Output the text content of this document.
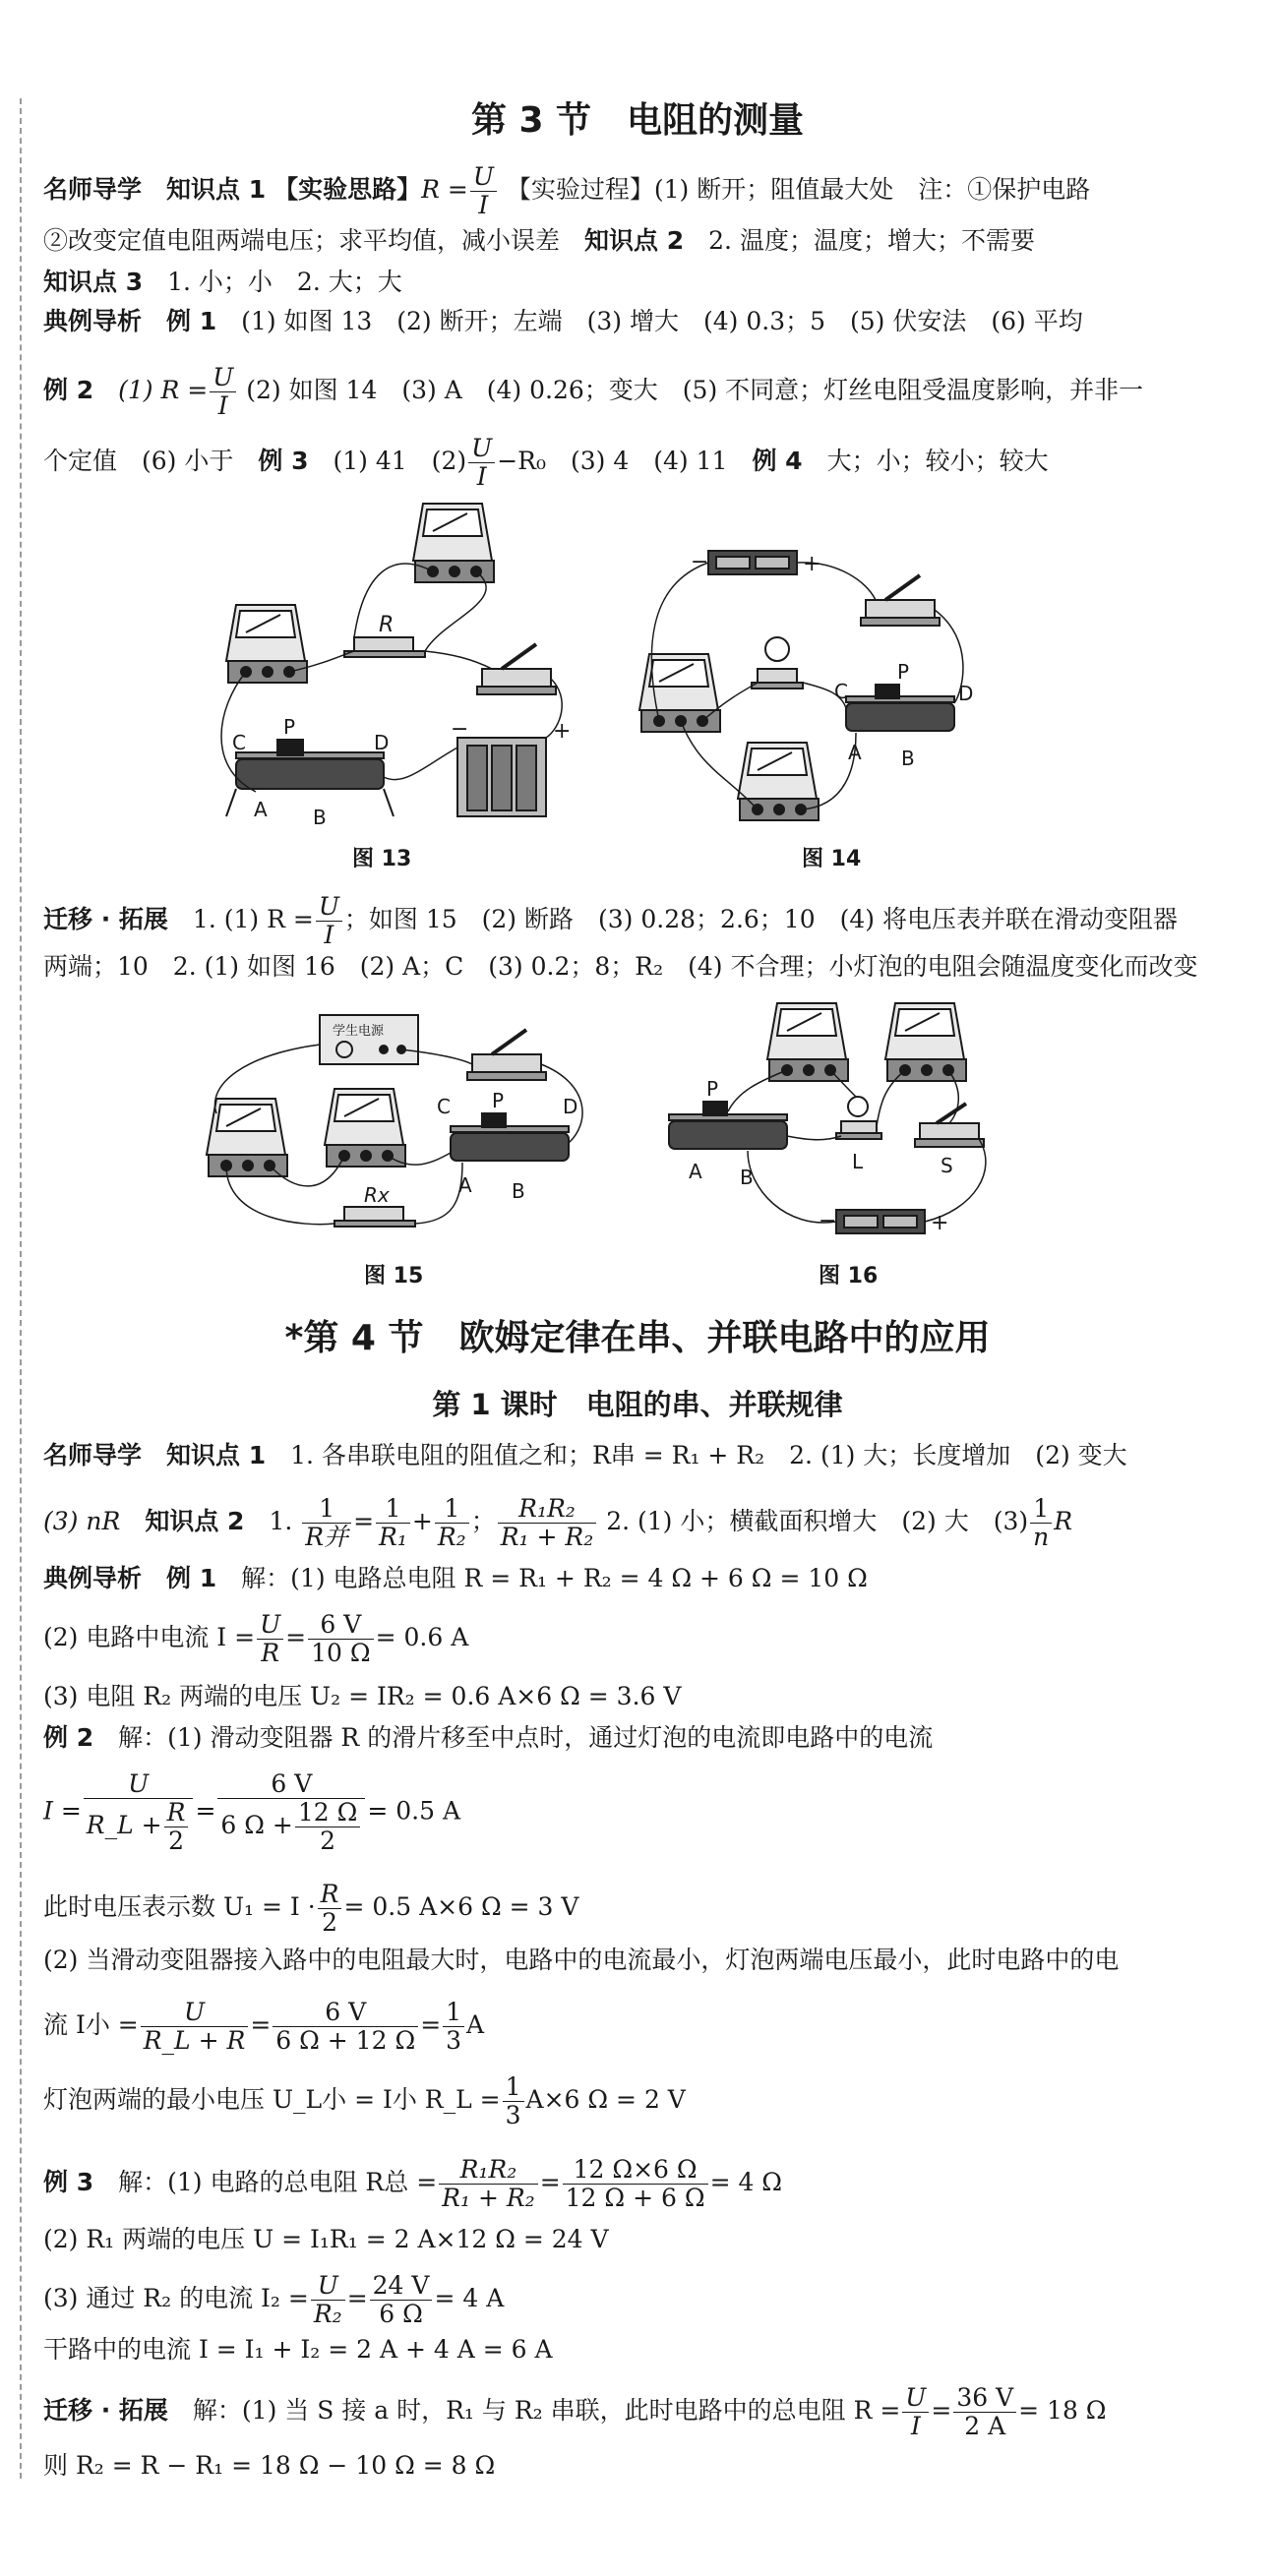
第 3 节　电阻的测量
名师导学　 知识点 1 【实验思路】$R = \frac{U}{I}$ 【实验过程】(1) 断开；阻值最大处　注：①保护电路
②改变定值电阻两端电压；求平均值，减小误差　 知识点 2　 2. 温度；温度；增大；不需要
知识点 3　 1. 小；小　2. 大；大
典例导析　 例 1　 (1) 如图 13　(2) 断开；左端　(3) 增大　(4) 0.3；5　(5) 伏安法　(6) 平均
例 2　 (1) $R = \frac{U}{I} (2)$ 如图 14　(3) A　(4) 0.26；变大　(5) 不同意；灯丝电阻受温度影响，并非一
个定值　(6) 小于　 例 3　 (1) 41　$(2) \frac{U}{I} -R_0$　(3) 4　(4) 11　 例 4　 大；小；较小；较大
R
−	+
C
P
D
A B
图 13
−	+
C
P
D
A B
图 14
迁移 · 拓展　 1. (1) $R = \frac{U}{I}$ ；如图 15　(2) 断路　(3) 0.28；2.6；10　(4) 将电压表并联在滑动变阻器
两端；10　2. (1) 如图 16　(2) A；C　(3) 0.2；8；R₂　(4) 不合理；小灯泡的电阻会随温度变化而改变
学生电源
Rx
C P	D
A B
图 15
P
A B
L	S
−	+
图 16
*第 4 节　欧姆定律在串、并联电路中的应用
第 1 课时　电阻的串、并联规律
名师导学　 知识点 1　 1. 各串联电阻的阻值之和；R串 = R₁ + R₂　2. (1) 大；长度增加　(2) 变大
(3) nR　 知识点 2　 1. $\frac{1}{\text{R并}} = \frac{1}{\text{R₁}} + \frac{1}{\text{R₂}}$ ； $\frac{\text{R₁R₂}}{\text{R₁ + R₂}} 2$. (1) 小；横截面积增大　(2) 大　$(3) \frac{1}{n}$ R
典例导析　 例 1　 解：(1) 电路总电阻 R = R₁ + R₂ = 4 Ω + 6 Ω = 10 Ω
(2) 电路中电流 $I = \frac{U}{R} = \frac{6 V}{10 \Omega} = 0.6$ A
(3) 电阻 R₂ 两端的电压 U₂ = IR₂ = 0.6 A×6 Ω = 3.6 V
例 2　 解：(1) 滑动变阻器 R 的滑片移至中点时，通过灯泡的电流即电路中的电流
$I = \frac{U}{R\_L + \frac{R}{2}} = \frac{6 V}{6 \Omega + \frac{12 \Omega}{2}} = 0.5$ A
此时电压表示数 $U_1 = I \cdot \frac{R}{2} = 0.5$ A×6 Ω = 3 V
(2) 当滑动变阻器接入路中的电阻最大时，电路中的电流最小，灯泡两端电压最小，此时电路中的电
流 I小 = $\frac{U}{R\_L + R} = \frac{6 V}{6 \Omega + 12 \Omega} = \frac{1}{3}$ A
灯泡两端的最小电压 U_L小 = I小 R_L = $\frac{1}{3} A\times 6$ Ω = 2 V
例 3　 解：(1) 电路的总电阻 R总 = $\frac{\text{R₁R₂}}{\text{R₁ + R₂}} = \frac{12 \Omega\times 6 \Omega}{12 \Omega + 6 \Omega} = 4$ Ω
(2) R₁ 两端的电压 U = I₁R₁ = 2 A×12 Ω = 24 V
(3) 通过 R₂ 的电流 $I_2 = \frac{U}{\text{R₂}} = \frac{24 V}{6 \Omega} = 4$ A
干路中的电流 I = I₁ + I₂ = 2 A + 4 A = 6 A
迁移 · 拓展　 解：(1) 当 S 接 a 时，R₁ 与 R₂ 串联，此时电路中的总电阻 $R = \frac{U}{I} = \frac{36 V}{2 A} = 18$ Ω
则 R₂ = R − R₁ = 18 Ω − 10 Ω = 8 Ω
